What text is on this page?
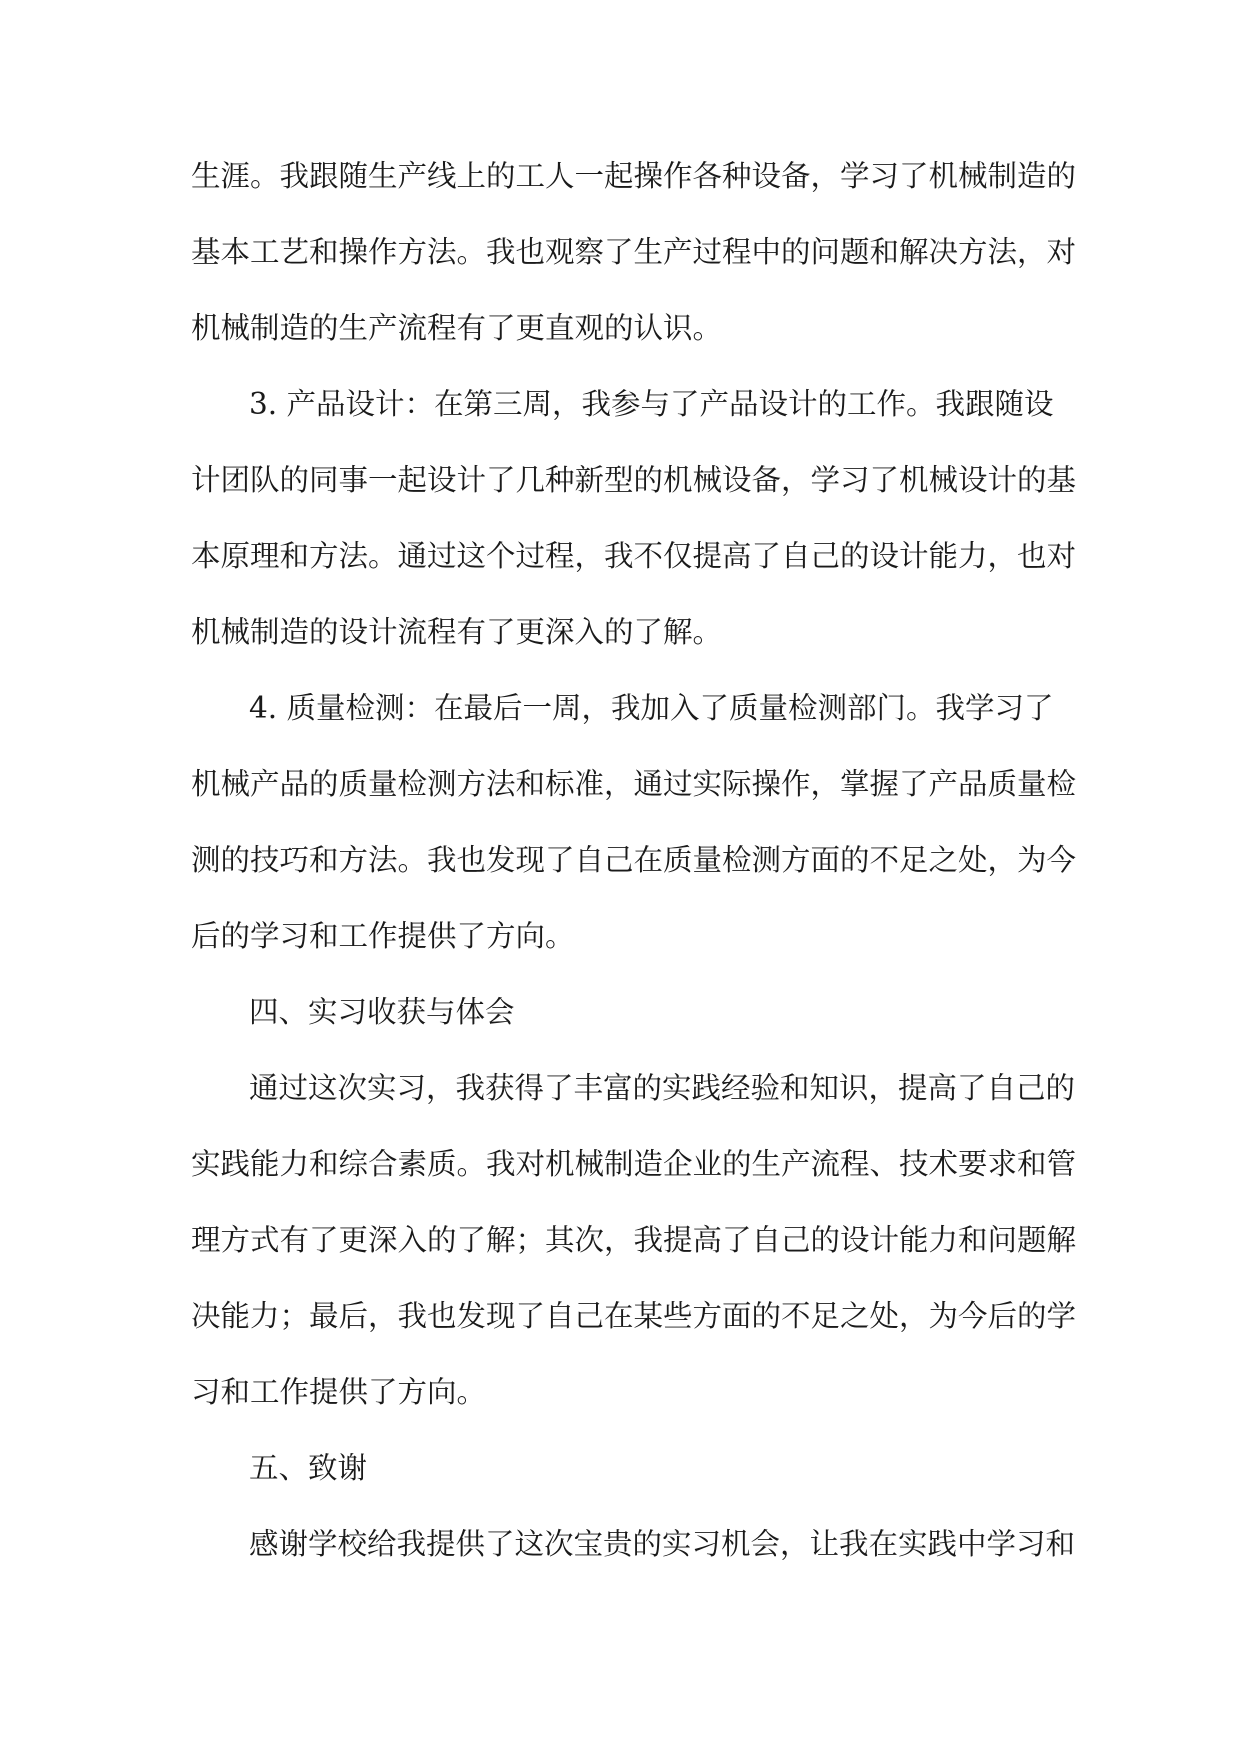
生涯。我跟随生产线上的工人一起操作各种设备，学习了机械制造的
基本工艺和操作方法。我也观察了生产过程中的问题和解决方法，对
机械制造的生产流程有了更直观的认识。
3. 产品设计：在第三周，我参与了产品设计的工作。我跟随设
计团队的同事一起设计了几种新型的机械设备，学习了机械设计的基
本原理和方法。通过这个过程，我不仅提高了自己的设计能力，也对
机械制造的设计流程有了更深入的了解。
4. 质量检测：在最后一周，我加入了质量检测部门。我学习了
机械产品的质量检测方法和标准，通过实际操作，掌握了产品质量检
测的技巧和方法。我也发现了自己在质量检测方面的不足之处，为今
后的学习和工作提供了方向。
四、实习收获与体会
通过这次实习，我获得了丰富的实践经验和知识，提高了自己的
实践能力和综合素质。我对机械制造企业的生产流程、技术要求和管
理方式有了更深入的了解；其次，我提高了自己的设计能力和问题解
决能力；最后，我也发现了自己在某些方面的不足之处，为今后的学
习和工作提供了方向。
五、致谢
感谢学校给我提供了这次宝贵的实习机会，让我在实践中学习和
